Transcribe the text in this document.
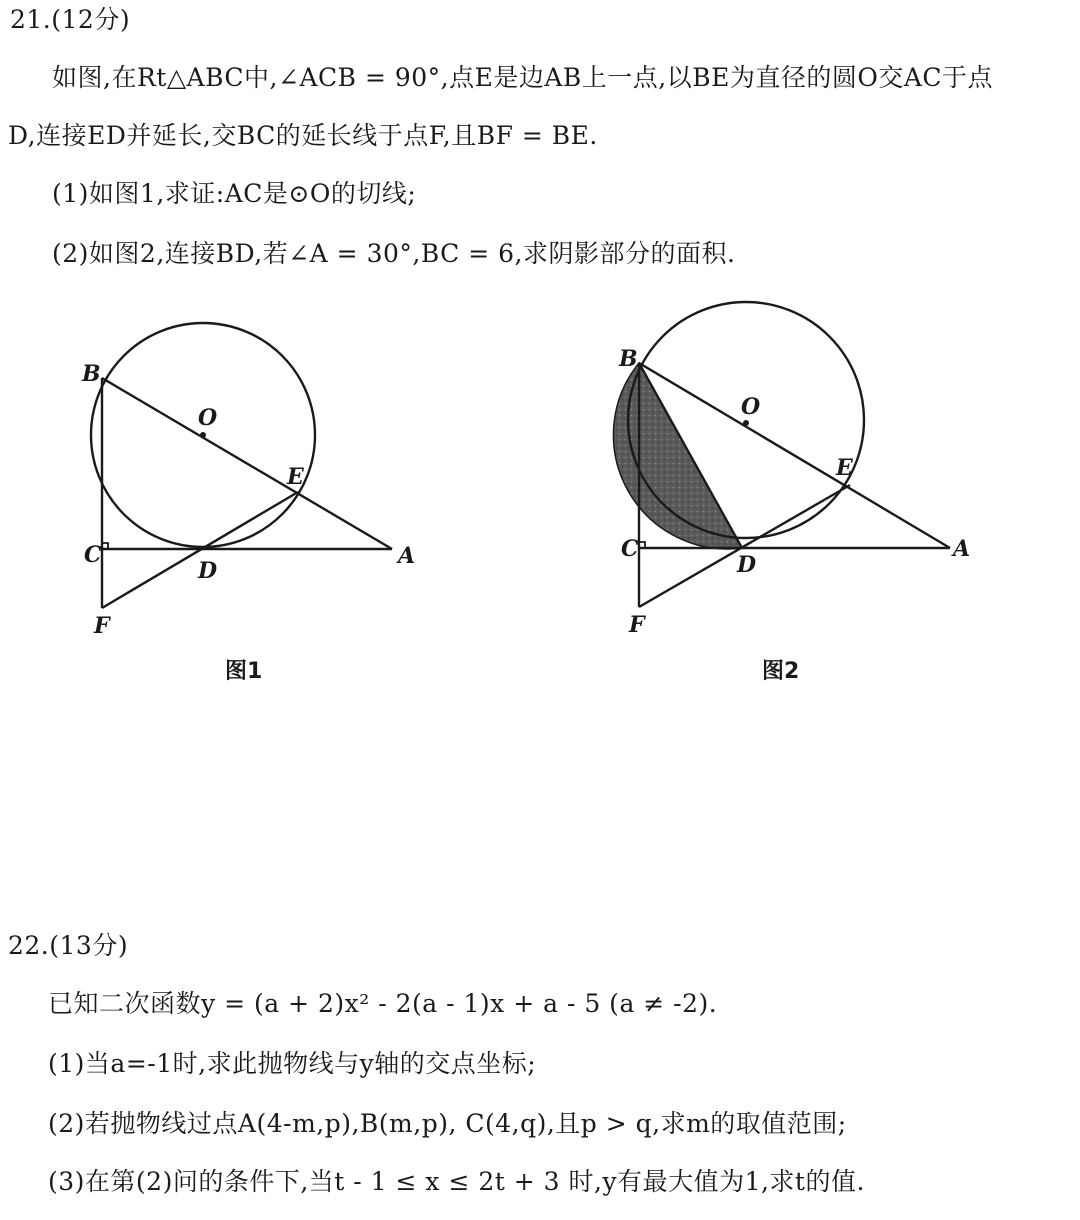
21.(12分)
如图,在Rt△ABC中,∠ACB = 90°,点E是边AB上一点,以BE为直径的圆O交AC于点
D,连接ED并延长,交BC的延长线于点F,且BF = BE.
(1)如图1,求证:AC是⊙O的切线;
(2)如图2,连接BD,若∠A = 30°,BC = 6,求阴影部分的面积.
B
O
E
C
D
A
F
图1
B
O
E
C
D
A
F
图2
22.(13分)
已知二次函数y = (a + 2)x² - 2(a - 1)x + a - 5 (a ≠ -2).
(1)当a=-1时,求此抛物线与y轴的交点坐标;
(2)若抛物线过点A(4-m,p),B(m,p), C(4,q),且p > q,求m的取值范围;
(3)在第(2)问的条件下,当t - 1 ≤ x ≤ 2t + 3 时,y有最大值为1,求t的值.
